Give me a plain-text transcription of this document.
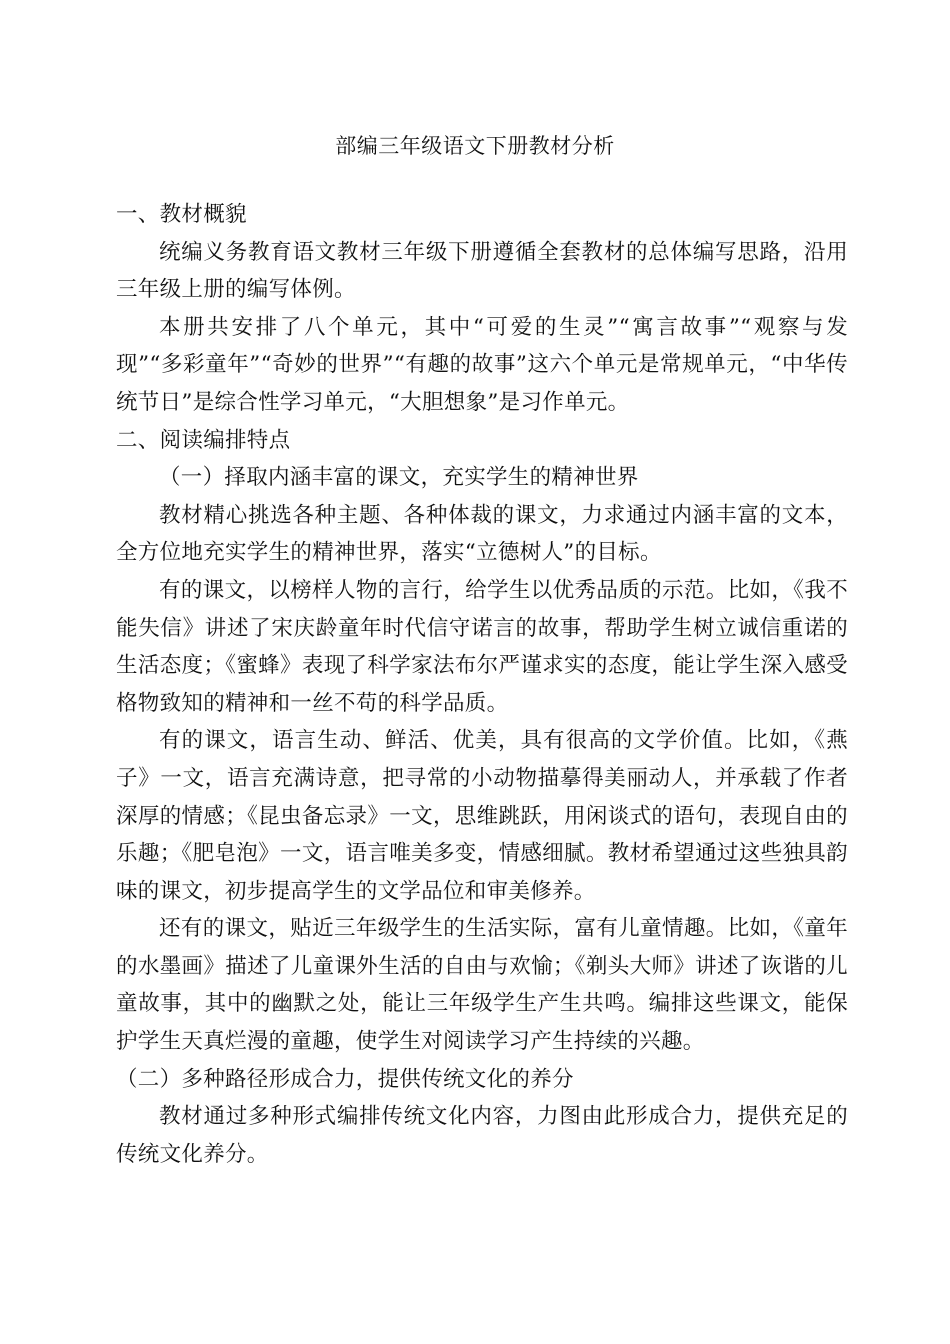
部编三年级语文下册教材分析

一、教材概貌

统编义务教育语文教材三年级下册遵循全套教材的总体编写思路，沿用三年级上册的编写体例。

本册共安排了八个单元，其中“可爱的生灵”“寓言故事”“观察与发现”“多彩童年”“奇妙的世界”“有趣的故事”这六个单元是常规单元，“中华传统节日”是综合性学习单元，“大胆想象”是习作单元。

二、阅读编排特点

（一）择取内涵丰富的课文，充实学生的精神世界

教材精心挑选各种主题、各种体裁的课文，力求通过内涵丰富的文本，全方位地充实学生的精神世界，落实“立德树人”的目标。

有的课文，以榜样人物的言行，给学生以优秀品质的示范。比如，《我不能失信》讲述了宋庆龄童年时代信守诺言的故事，帮助学生树立诚信重诺的生活态度；《蜜蜂》表现了科学家法布尔严谨求实的态度，能让学生深入感受格物致知的精神和一丝不苟的科学品质。

有的课文，语言生动、鲜活、优美，具有很高的文学价值。比如，《燕子》一文，语言充满诗意，把寻常的小动物描摹得美丽动人，并承载了作者深厚的情感；《昆虫备忘录》一文，思维跳跃，用闲谈式的语句，表现自由的乐趣；《肥皂泡》一文，语言唯美多变，情感细腻。教材希望通过这些独具韵味的课文，初步提高学生的文学品位和审美修养。

还有的课文，贴近三年级学生的生活实际，富有儿童情趣。比如，《童年的水墨画》描述了儿童课外生活的自由与欢愉；《剃头大师》讲述了诙谐的儿童故事，其中的幽默之处，能让三年级学生产生共鸣。编排这些课文，能保护学生天真烂漫的童趣，使学生对阅读学习产生持续的兴趣。

（二）多种路径形成合力，提供传统文化的养分

教材通过多种形式编排传统文化内容，力图由此形成合力，提供充足的传统文化养分。
